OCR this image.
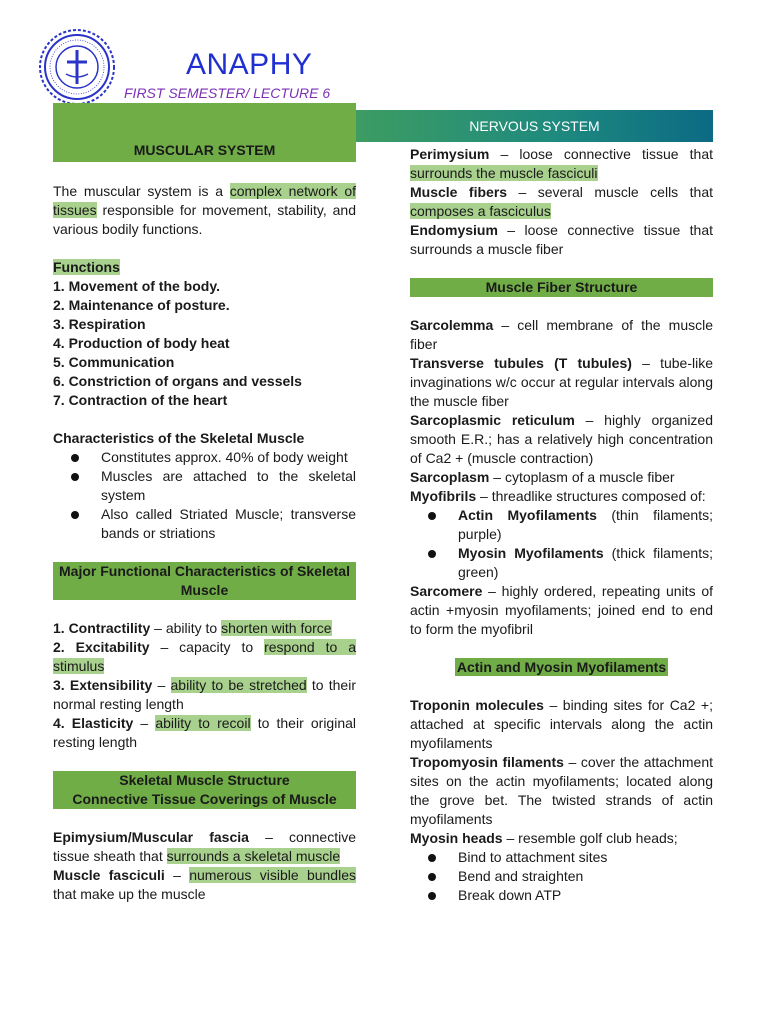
ANAPHY
FIRST SEMESTER/ LECTURE 6
MUSCULAR SYSTEM
NERVOUS SYSTEM

The muscular system is a complex network of tissues responsible for movement, stability, and various bodily functions.

Functions

1. Movement of the body.

2. Maintenance of posture.

3. Respiration

4. Production of body heat

5. Communication

6. Constriction of organs and vessels

7. Contraction of the heart

Characteristics of the Skeletal Muscle

Constitutes approx. 40% of body weight
Muscles are attached to the skeletal system
Also called Striated Muscle; transverse bands or striations

Major Functional Characteristics of Skeletal Muscle

1. Contractility – ability to shorten with force

2. Excitability – capacity to respond to a stimulus

3. Extensibility – ability to be stretched to their normal resting length

4. Elasticity – ability to recoil to their original resting length

Skeletal Muscle Structure
Connective Tissue Coverings of Muscle

Epimysium/Muscular fascia – connective tissue sheath that surrounds a skeletal muscle

Muscle fasciculi – numerous visible bundles that make up the muscle

Perimysium – loose connective tissue that surrounds the muscle fasciculi

Muscle fibers – several muscle cells that composes a fasciculus

Endomysium – loose connective tissue that surrounds a muscle fiber

Muscle Fiber Structure

Sarcolemma – cell membrane of the muscle fiber

Transverse tubules (T tubules) – tube-like invaginations w/c occur at regular intervals along the muscle fiber

Sarcoplasmic reticulum – highly organized smooth E.R.; has a relatively high concentration of Ca2 + (muscle contraction)

Sarcoplasm – cytoplasm of a muscle fiber

Myofibrils – threadlike structures composed of:

Actin Myofilaments (thin filaments; purple)
Myosin Myofilaments (thick filaments; green)

Sarcomere – highly ordered, repeating units of actin +myosin myofilaments; joined end to end to form the myofibril

Actin and Myosin Myofilaments

Troponin molecules – binding sites for Ca2 +; attached at specific intervals along the actin myofilaments

Tropomyosin filaments – cover the attachment sites on the actin myofilaments; located along the grove bet. The twisted strands of actin myofilaments

Myosin heads – resemble golf club heads;

Bind to attachment sites
Bend and straighten
Break down ATP
